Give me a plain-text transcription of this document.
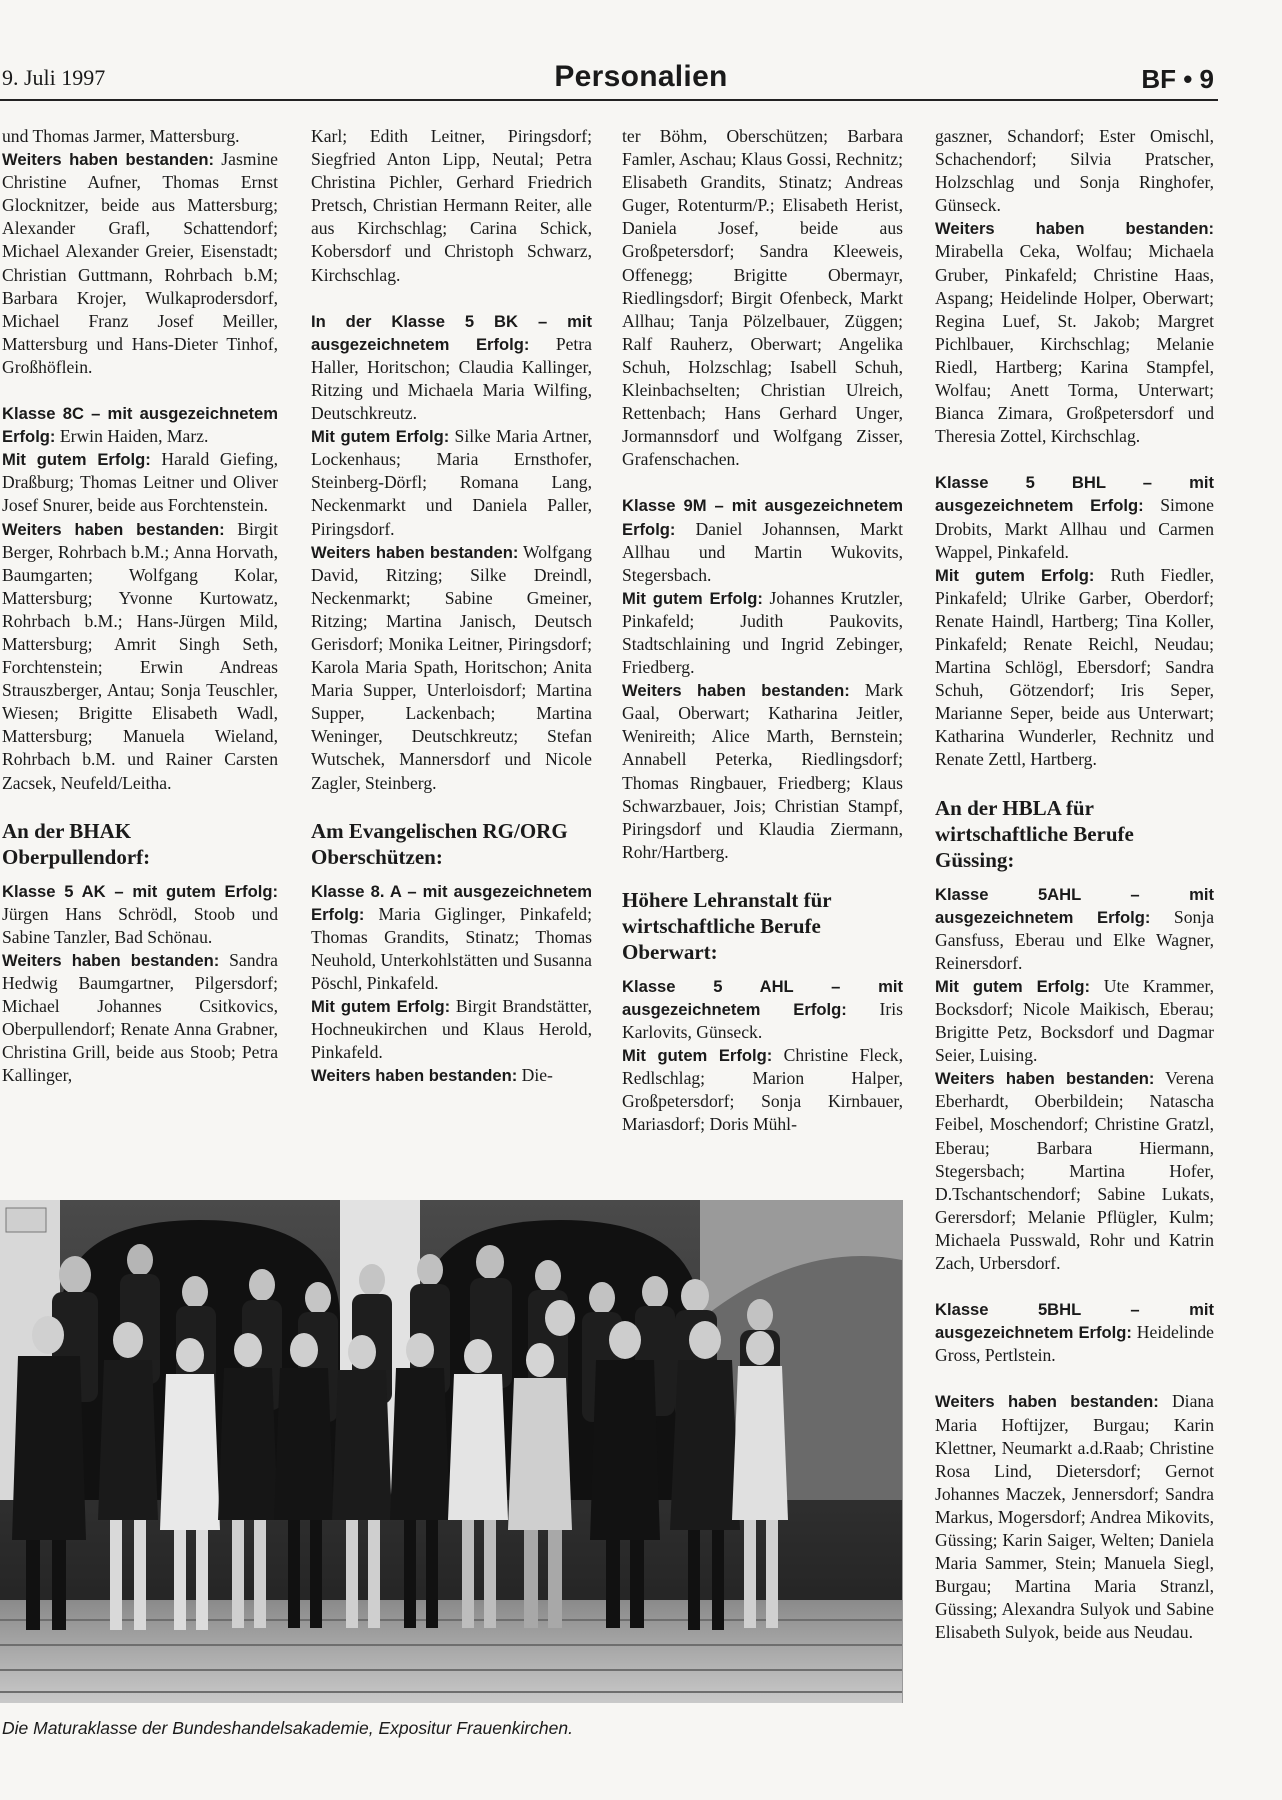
9. Juli 1997	Personalien	BF • 9

und Thomas Jarmer, Mattersburg.

Weiters haben bestanden: Jasmine Christine Aufner, Thomas Ernst Glocknitzer, beide aus Mattersburg; Alexander Grafl, Schattendorf; Michael Alexander Greier, Eisenstadt; Christian Guttmann, Rohrbach b.M; Barbara Krojer, Wulkaprodersdorf, Michael Franz Josef Meiller, Mattersburg und Hans-Dieter Tinhof, Großhöflein.

Klasse 8C – mit ausgezeichnetem Erfolg: Erwin Haiden, Marz.

Mit gutem Erfolg: Harald Giefing, Draßburg; Thomas Leitner und Oliver Josef Snurer, beide aus Forchtenstein.

Weiters haben bestanden: Birgit Berger, Rohrbach b.M.; Anna Horvath, Baumgarten; Wolfgang Kolar, Mattersburg; Yvonne Kurtowatz, Rohrbach b.M.; Hans-Jürgen Mild, Mattersburg; Amrit Singh Seth, Forchtenstein; Erwin Andreas Strauszberger, Antau; Sonja Teuschler, Wiesen; Brigitte Elisabeth Wadl, Mattersburg; Manuela Wieland, Rohrbach b.M. und Rainer Carsten Zacsek, Neufeld/Leitha.

An der BHAK Oberpullendorf:

Klasse 5 AK – mit gutem Erfolg: Jürgen Hans Schrödl, Stoob und Sabine Tanzler, Bad Schönau.

Weiters haben bestanden: Sandra Hedwig Baumgartner, Pilgersdorf; Michael Johannes Csitkovics, Oberpullendorf; Renate Anna Grabner, Christina Grill, beide aus Stoob; Petra Kallinger,

Karl; Edith Leitner, Piringsdorf; Siegfried Anton Lipp, Neutal; Petra Christina Pichler, Gerhard Friedrich Pretsch, Christian Hermann Reiter, alle aus Kirchschlag; Carina Schick, Kobersdorf und Christoph Schwarz, Kirchschlag.

In der Klasse 5 BK – mit ausgezeichnetem Erfolg: Petra Haller, Horitschon; Claudia Kallinger, Ritzing und Michaela Maria Wilfing, Deutschkreutz.

Mit gutem Erfolg: Silke Maria Artner, Lockenhaus; Maria Ernsthofer, Steinberg-Dörfl; Romana Lang, Neckenmarkt und Daniela Paller, Piringsdorf.

Weiters haben bestanden: Wolfgang David, Ritzing; Silke Dreindl, Neckenmarkt; Sabine Gmeiner, Ritzing; Martina Janisch, Deutsch Gerisdorf; Monika Leitner, Piringsdorf; Karola Maria Spath, Horitschon; Anita Maria Supper, Unterloisdorf; Martina Supper, Lackenbach; Martina Weninger, Deutschkreutz; Stefan Wutschek, Mannersdorf und Nicole Zagler, Steinberg.

Am Evangelischen RG/ORG Oberschützen:

Klasse 8. A – mit ausgezeichnetem Erfolg: Maria Giglinger, Pinkafeld; Thomas Grandits, Stinatz; Thomas Neuhold, Unterkohlstätten und Susanna Pöschl, Pinkafeld.

Mit gutem Erfolg: Birgit Brandstätter, Hochneukirchen und Klaus Herold, Pinkafeld.

Weiters haben bestanden: Die-

ter Böhm, Oberschützen; Barbara Famler, Aschau; Klaus Gossi, Rechnitz; Elisabeth Grandits, Stinatz; Andreas Guger, Rotenturm/P.; Elisabeth Herist, Daniela Josef, beide aus Großpetersdorf; Sandra Kleeweis, Offenegg; Brigitte Obermayr, Riedlingsdorf; Birgit Ofenbeck, Markt Allhau; Tanja Pölzelbauer, Züggen; Ralf Rauherz, Oberwart; Angelika Schuh, Holzschlag; Isabell Schuh, Kleinbachselten; Christian Ulreich, Rettenbach; Hans Gerhard Unger, Jormannsdorf und Wolfgang Zisser, Grafenschachen.

Klasse 9M – mit ausgezeichnetem Erfolg: Daniel Johannsen, Markt Allhau und Martin Wukovits, Stegersbach.

Mit gutem Erfolg: Johannes Krutzler, Pinkafeld; Judith Paukovits, Stadtschlaining und Ingrid Zebinger, Friedberg.

Weiters haben bestanden: Mark Gaal, Oberwart; Katharina Jeitler, Wenireith; Alice Marth, Bernstein; Annabell Peterka, Riedlingsdorf; Thomas Ringbauer, Friedberg; Klaus Schwarzbauer, Jois; Christian Stampf, Piringsdorf und Klaudia Ziermann, Rohr/Hartberg.

Höhere Lehranstalt für wirtschaftliche Berufe Oberwart:

Klasse 5 AHL – mit ausgezeichnetem Erfolg: Iris Karlovits, Günseck.

Mit gutem Erfolg: Christine Fleck, Redlschlag; Marion Halper, Großpetersdorf; Sonja Kirnbauer, Mariasdorf; Doris Mühl-

gaszner, Schandorf; Ester Omischl, Schachendorf; Silvia Pratscher, Holzschlag und Sonja Ringhofer, Günseck.

Weiters haben bestanden: Mirabella Ceka, Wolfau; Michaela Gruber, Pinkafeld; Christine Haas, Aspang; Heidelinde Holper, Oberwart; Regina Luef, St. Jakob; Margret Pichlbauer, Kirchschlag; Melanie Riedl, Hartberg; Karina Stampfel, Wolfau; Anett Torma, Unterwart; Bianca Zimara, Großpetersdorf und Theresia Zottel, Kirchschlag.

Klasse 5 BHL – mit ausgezeichnetem Erfolg: Simone Drobits, Markt Allhau und Carmen Wappel, Pinkafeld.

Mit gutem Erfolg: Ruth Fiedler, Pinkafeld; Ulrike Garber, Oberdorf; Renate Haindl, Hartberg; Tina Koller, Pinkafeld; Renate Reichl, Neudau; Martina Schlögl, Ebersdorf; Sandra Schuh, Götzendorf; Iris Seper, Marianne Seper, beide aus Unterwart; Katharina Wunderler, Rechnitz und Renate Zettl, Hartberg.

An der HBLA für wirtschaftliche Berufe Güssing:

Klasse 5AHL – mit ausgezeichnetem Erfolg: Sonja Gansfuss, Eberau und Elke Wagner, Reinersdorf.

Mit gutem Erfolg: Ute Krammer, Bocksdorf; Nicole Maikisch, Eberau; Brigitte Petz, Bocksdorf und Dagmar Seier, Luising.

Weiters haben bestanden: Verena Eberhardt, Oberbildein; Natascha Feibel, Moschendorf; Christine Gratzl, Eberau; Barbara Hiermann, Stegersbach; Martina Hofer, D.Tschantschendorf; Sabine Lukats, Gerersdorf; Melanie Pflügler, Kulm; Michaela Pusswald, Rohr und Katrin Zach, Urbersdorf.

Klasse 5BHL – mit ausgezeichnetem Erfolg: Heidelinde Gross, Pertlstein.

Weiters haben bestanden: Diana Maria Hoftijzer, Burgau; Karin Klettner, Neumarkt a.d.Raab; Christine Rosa Lind, Dietersdorf; Gernot Johannes Maczek, Jennersdorf; Sandra Markus, Mogersdorf; Andrea Mikovits, Güssing; Karin Saiger, Welten; Daniela Maria Sammer, Stein; Manuela Siegl, Burgau; Martina Maria Stranzl, Güssing; Alexandra Sulyok und Sabine Elisabeth Sulyok, beide aus Neudau.

Die Maturaklasse der Bundeshandelsakademie, Expositur Frauenkirchen.
